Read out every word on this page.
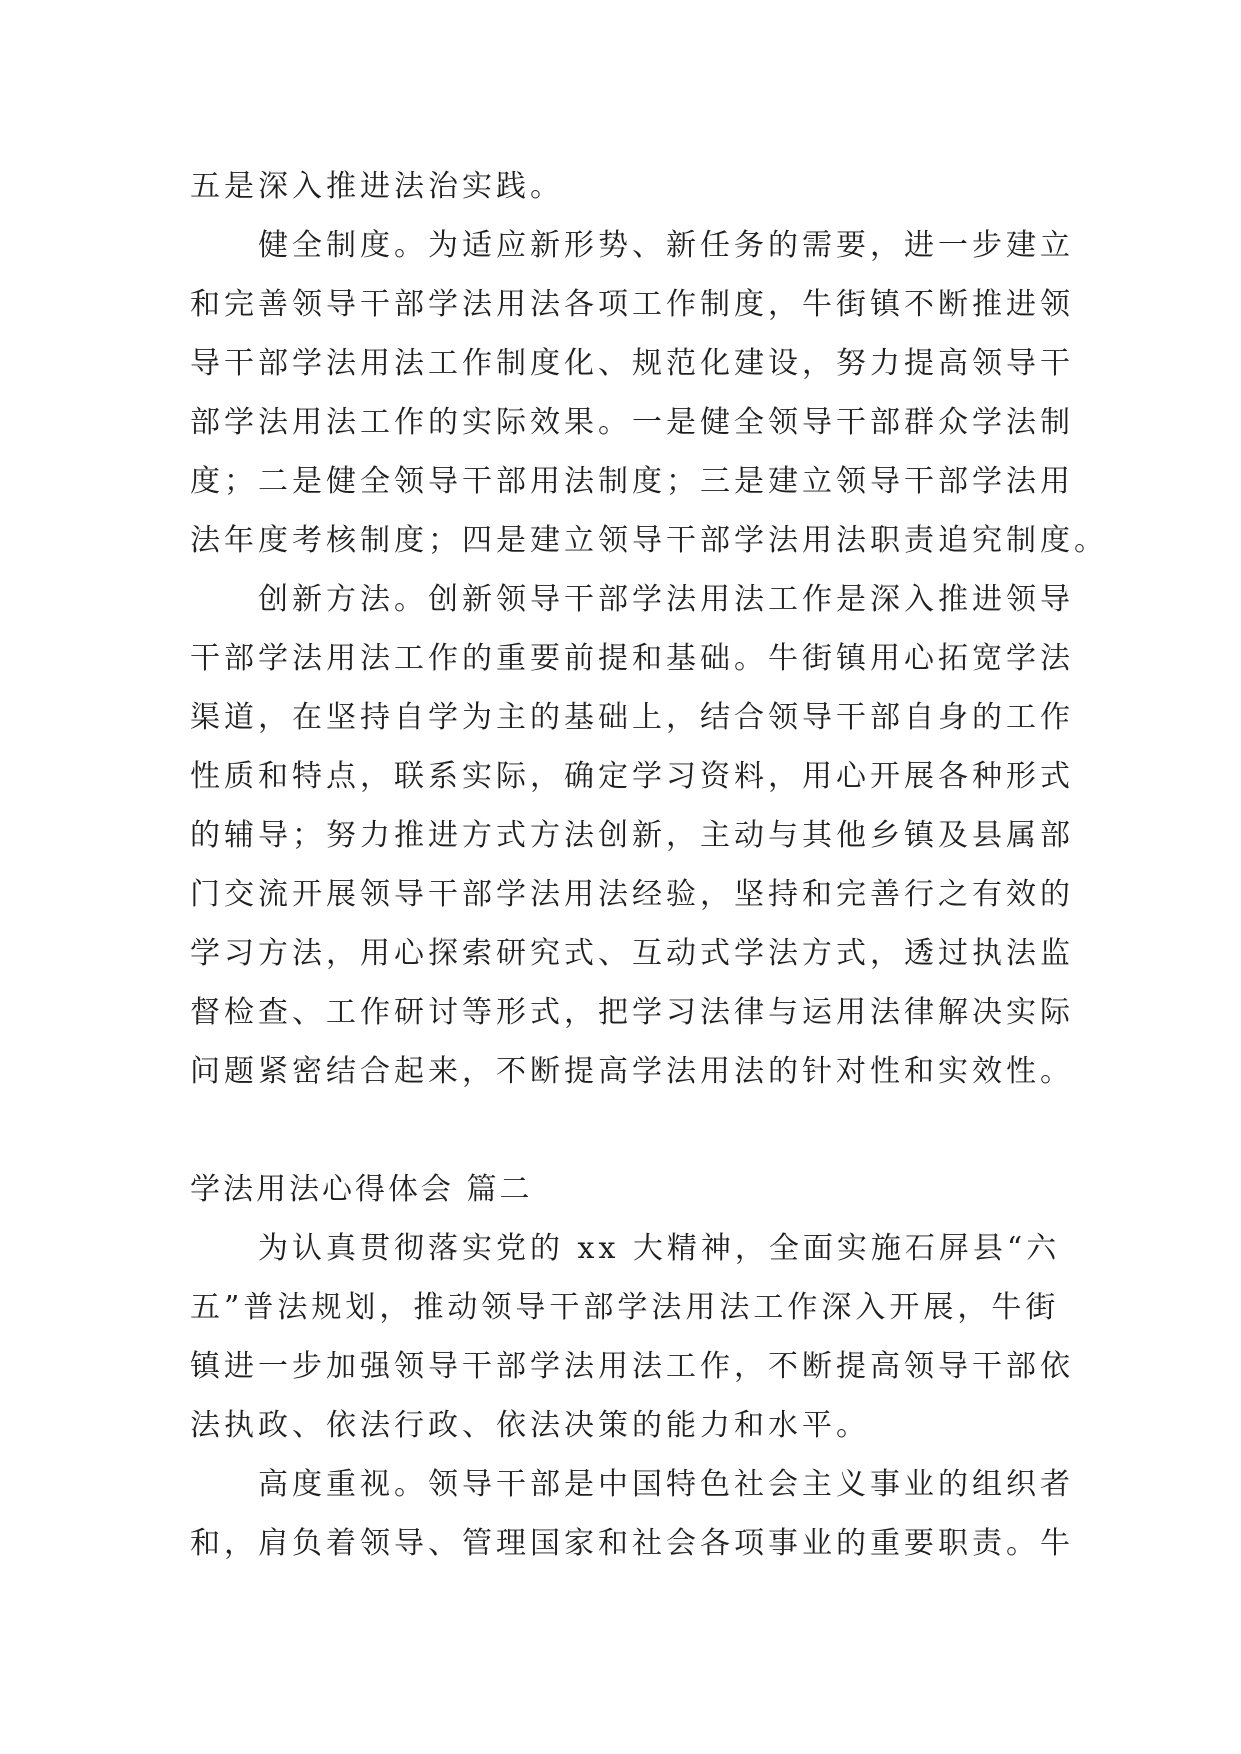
五是深入推进法治实践。
健全制度。为适应新形势、新任务的需要，进一步建立
和完善领导干部学法用法各项工作制度，牛街镇不断推进领
导干部学法用法工作制度化、规范化建设，努力提高领导干
部学法用法工作的实际效果。一是健全领导干部群众学法制
度；二是健全领导干部用法制度；三是建立领导干部学法用
法年度考核制度；四是建立领导干部学法用法职责追究制度。
创新方法。创新领导干部学法用法工作是深入推进领导
干部学法用法工作的重要前提和基础。牛街镇用心拓宽学法
渠道，在坚持自学为主的基础上，结合领导干部自身的工作
性质和特点，联系实际，确定学习资料，用心开展各种形式
的辅导；努力推进方式方法创新，主动与其他乡镇及县属部
门交流开展领导干部学法用法经验，坚持和完善行之有效的
学习方法，用心探索研究式、互动式学法方式，透过执法监
督检查、工作研讨等形式，把学习法律与运用法律解决实际
问题紧密结合起来，不断提高学法用法的针对性和实效性。
学法用法心得体会 篇二
为认真贯彻落实党的 xx 大精神，全面实施石屏县“六
五”普法规划，推动领导干部学法用法工作深入开展，牛街
镇进一步加强领导干部学法用法工作，不断提高领导干部依
法执政、依法行政、依法决策的能力和水平。
高度重视。领导干部是中国特色社会主义事业的组织者
和，肩负着领导、管理国家和社会各项事业的重要职责。牛
